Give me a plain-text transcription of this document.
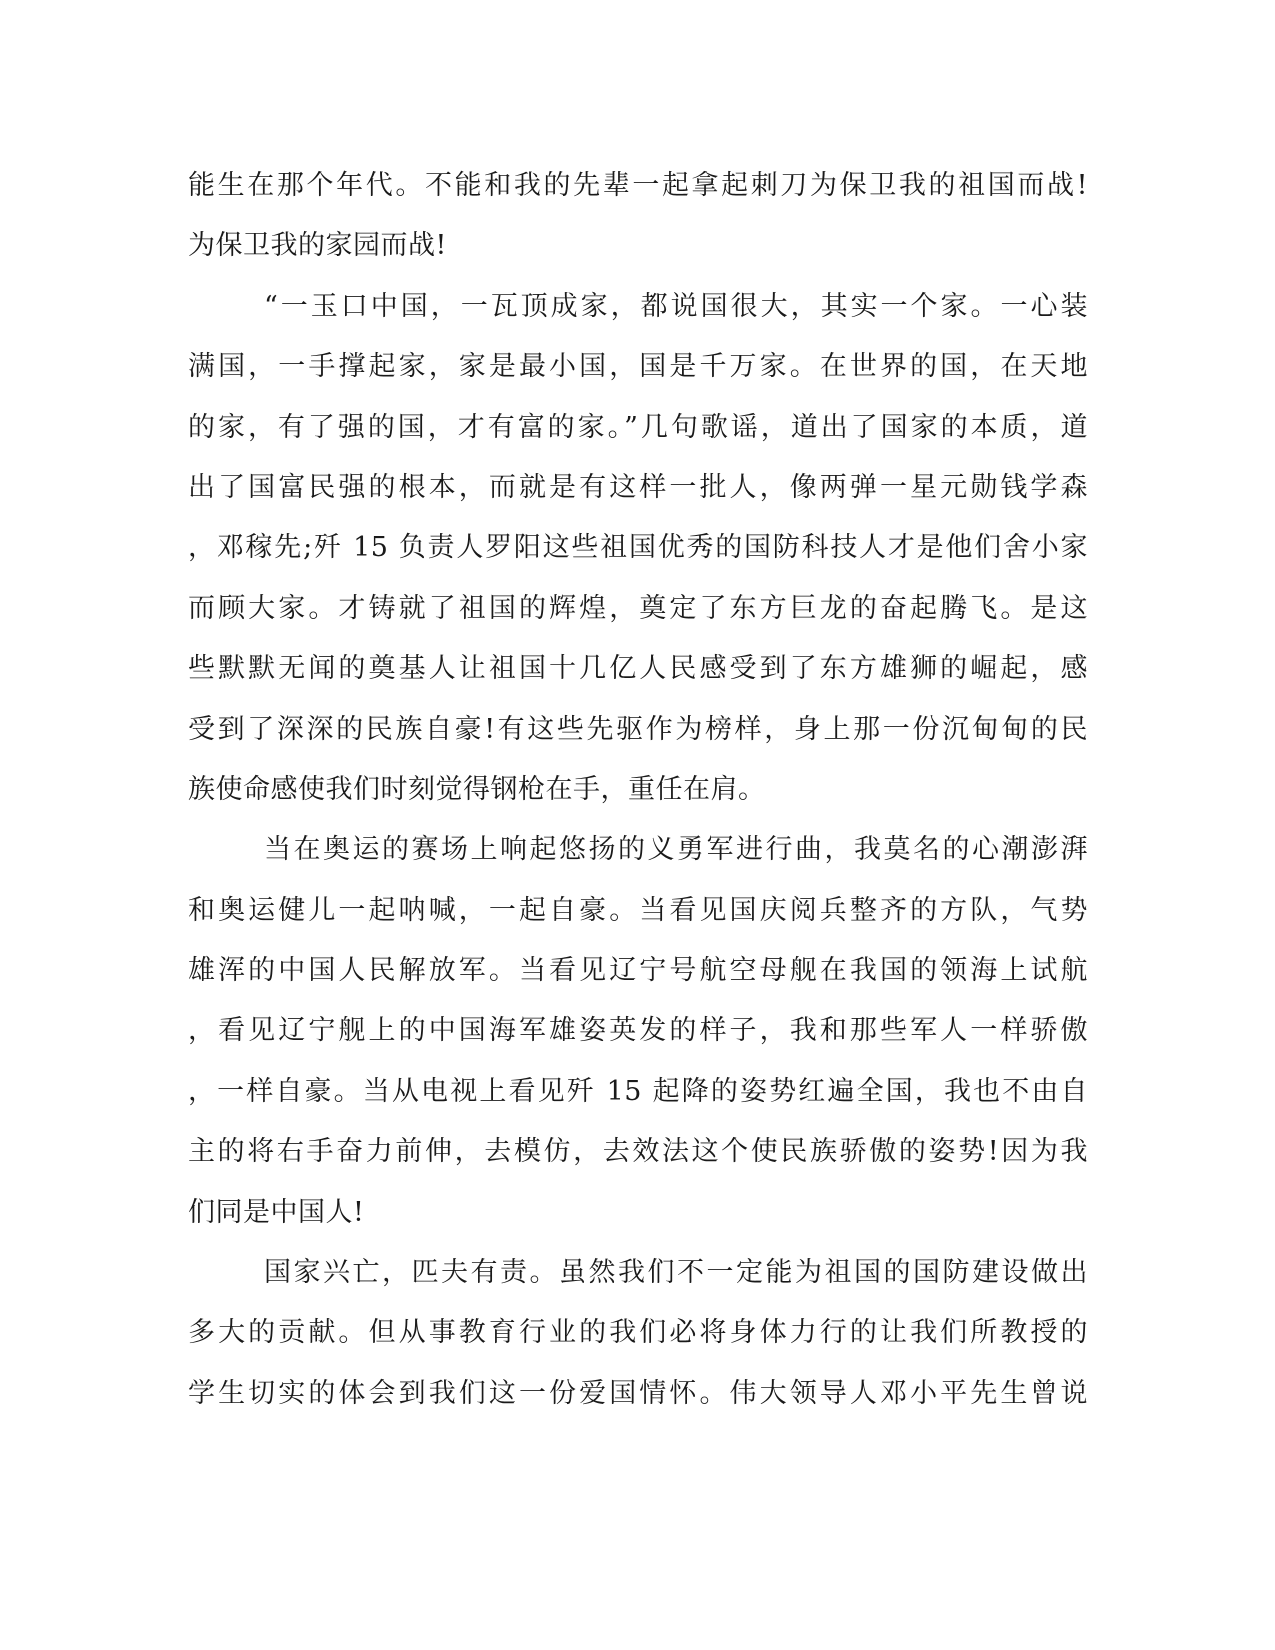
能生在那个年代。不能和我的先辈一起拿起刺刀为保卫我的祖国而战!
为保卫我的家园而战!
“一玉口中国，一瓦顶成家，都说国很大，其实一个家。一心装
满国，一手撑起家，家是最小国，国是千万家。在世界的国，在天地
的家，有了强的国，才有富的家。”几句歌谣，道出了国家的本质，道
出了国富民强的根本，而就是有这样一批人，像两弹一星元勋钱学森
，邓稼先;歼 15 负责人罗阳这些祖国优秀的国防科技人才是他们舍小家
而顾大家。才铸就了祖国的辉煌，奠定了东方巨龙的奋起腾飞。是这
些默默无闻的奠基人让祖国十几亿人民感受到了东方雄狮的崛起，感
受到了深深的民族自豪!有这些先驱作为榜样，身上那一份沉甸甸的民
族使命感使我们时刻觉得钢枪在手，重任在肩。
当在奥运的赛场上响起悠扬的义勇军进行曲，我莫名的心潮澎湃
和奥运健儿一起呐喊，一起自豪。当看见国庆阅兵整齐的方队，气势
雄浑的中国人民解放军。当看见辽宁号航空母舰在我国的领海上试航
，看见辽宁舰上的中国海军雄姿英发的样子，我和那些军人一样骄傲
，一样自豪。当从电视上看见歼 15 起降的姿势红遍全国，我也不由自
主的将右手奋力前伸，去模仿，去效法这个使民族骄傲的姿势!因为我
们同是中国人!
国家兴亡，匹夫有责。虽然我们不一定能为祖国的国防建设做出
多大的贡献。但从事教育行业的我们必将身体力行的让我们所教授的
学生切实的体会到我们这一份爱国情怀。伟大领导人邓小平先生曾说
